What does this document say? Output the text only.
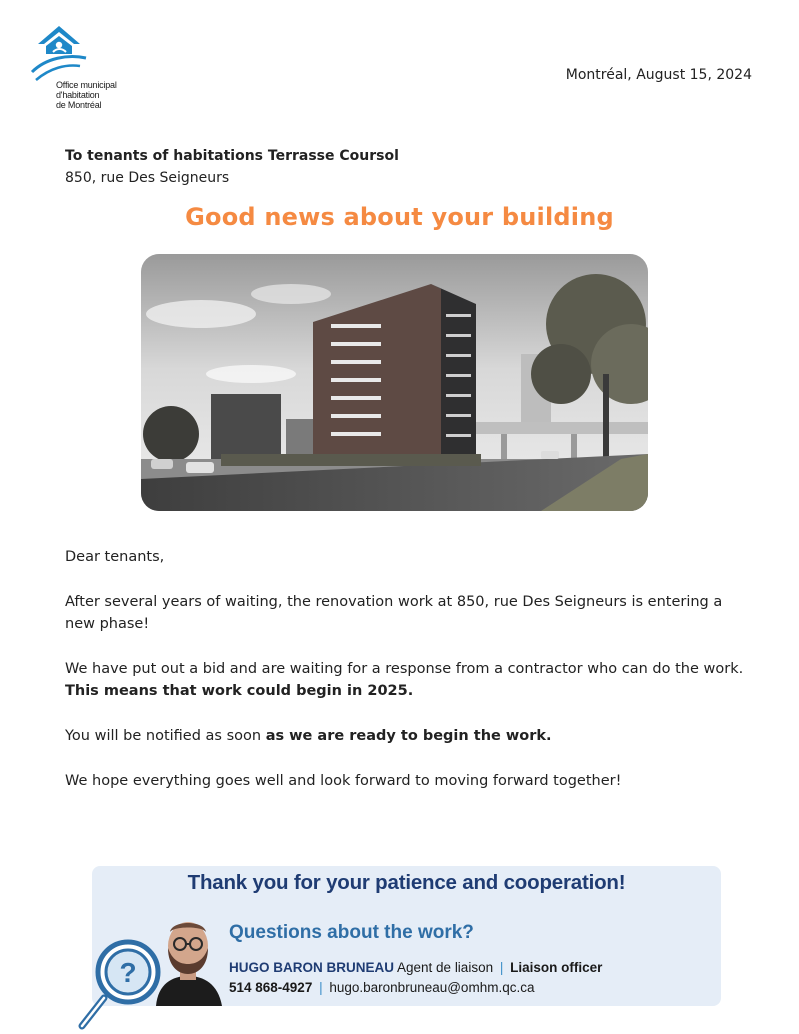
Office municipal
d'habitation
de Montréal
Montréal, August 15, 2024
To tenants of habitations Terrasse Coursol
850, rue Des Seigneurs
Good news about your building

Dear tenants,

After several years of waiting, the renovation work at 850, rue Des Seigneurs is entering a new phase!

We have put out a bid and are waiting for a response from a contractor who can do the work. This means that work could begin in 2025.

You will be notified as soon as we are ready to begin the work.

We hope everything goes well and look forward to moving forward together!

Thank you for your patience and cooperation!
Questions about the work?
HUGO BARON BRUNEAU Agent de liaison | Liaison officer
514 868-4927 | hugo.baronbruneau@omhm.qc.ca
?
